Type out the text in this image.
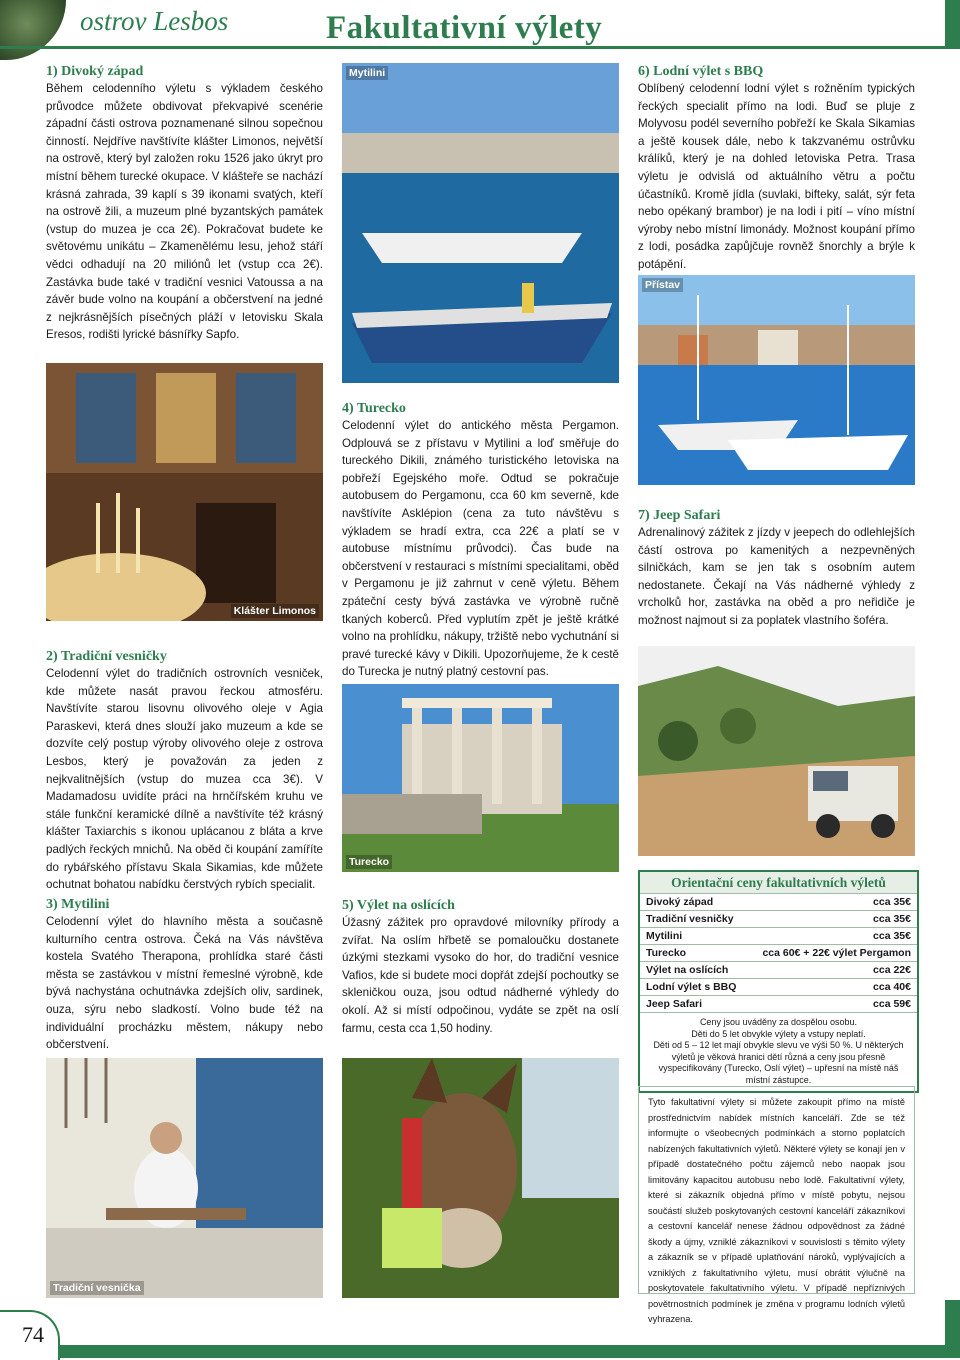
ostrov Lesbos	Fakultativní výlety
1) Divoký západ

Během celodenního výletu s výkladem českého průvodce můžete obdivovat překvapivé scenérie západní části ostrova poznamenané silnou sopečnou činností. Nejdříve navštívíte klášter Limonos, největší na ostrově, který byl založen roku 1526 jako úkryt pro místní během turecké okupace. V klášteře se nachází krásná zahrada, 39 kaplí s 39 ikonami svatých, kteří na ostrově žili, a muzeum plné byzantských památek (vstup do muzea je cca 2€). Pokračovat budete ke světovému unikátu – Zkamenělému lesu, jehož stáří vědci odhadují na 20 miliónů let (vstup cca 2€). Zastávka bude také v tradiční vesnici Vatoussa a na závěr bude volno na koupání a občerstvení na jedné z nejkrásnějších písečných pláží v letovisku Skala Eresos, rodišti lyrické básnířky Sapfo.

Klášter Limonos
2) Tradiční vesničky

Celodenní výlet do tradičních ostrovních vesniček, kde můžete nasát pravou řeckou atmosféru. Navštívíte starou lisovnu olivového oleje v Agia Paraskevi, která dnes slouží jako muzeum a kde se dozvíte celý postup výroby olivového oleje z ostrova Lesbos, který je považován za jeden z nejkvalitnějších (vstup do muzea cca 3€). V Madamadosu uvidíte práci na hrnčířském kruhu ve stále funkční keramické dílně a navštívíte též krásný klášter Taxiarchis s ikonou uplácanou z bláta a krve padlých řeckých mnichů. Na oběd či koupání zamíříte do rybářského přístavu Skala Sikamias, kde můžete ochutnat bohatou nabídku čerstvých rybích specialit.

3) Mytilini

Celodenní výlet do hlavního města a současně kulturního centra ostrova. Čeká na Vás návštěva kostela Svatého Therapona, prohlídka staré části města se zastávkou v místní řemeslné výrobně, kde bývá nachystána ochutnávka zdejších oliv, sardinek, ouza, sýru nebo sladkostí. Volno bude též na individuální procházku městem, nákupy nebo občerstvení.

Tradiční vesnička
Mytilini
4) Turecko

Celodenní výlet do antického města Pergamon. Odplouvá se z přístavu v Mytilini a loď směřuje do tureckého Dikili, známého turistického letoviska na pobřeží Egejského moře. Odtud se pokračuje autobusem do Pergamonu, cca 60 km severně, kde navštívíte Asklépion (cena za tuto návštěvu s výkladem se hradí extra, cca 22€ a platí se v autobuse místnímu průvodci). Čas bude na občerstvení v restauraci s místními specialitami, oběd v Pergamonu je již zahrnut v ceně výletu. Během zpáteční cesty bývá zastávka ve výrobně ručně tkaných koberců. Před vyplutím zpět je ještě krátké volno na prohlídku, nákupy, tržiště nebo vychutnání si pravé turecké kávy v Dikili. Upozorňujeme, že k cestě do Turecka je nutný platný cestovní pas.

Turecko
5) Výlet na oslících

Úžasný zážitek pro opravdové milovníky přírody a zvířat. Na oslím hřbetě se pomaloučku dostanete úzkými stezkami vysoko do hor, do tradiční vesnice Vafios, kde si budete moci dopřát zdejší pochoutky se skleničkou ouza, jsou odtud nádherné výhledy do okolí. Až si místí odpočinou, vydáte se zpět na oslí farmu, cesta cca 1,50 hodiny.

6) Lodní výlet s BBQ

Oblíbený celodenní lodní výlet s rožněním typických řeckých specialit přímo na lodi. Buď se pluje z Molyvosu podél severního pobřeží ke Skala Sikamias a ještě kousek dále, nebo k takzvanému ostrůvku králíků, který je na dohled letoviska Petra. Trasa výletu je odvislá od aktuálního větru a počtu účastníků. Kromě jídla (suvlaki, bifteky, salát, sýr feta nebo opékaný brambor) je na lodi i pití – víno místní výroby nebo místní limonády. Možnost koupání přímo z lodi, posádka zapůjčuje rovněž šnorchly a brýle k potápění.

Přístav
7) Jeep Safari

Adrenalinový zážitek z jízdy v jeepech do odlehlejších částí ostrova po kamenitých a nezpevněných silničkách, kam se jen tak s osobním autem nedostanete. Čekají na Vás nádherné výhledy z vrcholků hor, zastávka na oběd a pro neřidiče je možnost najmout si za poplatek vlastního šoféra.

Orientační ceny fakultativních výletů
Divoký západ	cca 35€
Tradiční vesničky	cca 35€
Mytilini	cca 35€
Turecko	cca 60€ + 22€ výlet Pergamon
Výlet na oslících	cca 22€
Lodní výlet s BBQ	cca 40€
Jeep Safari	cca 59€
Ceny jsou uváděny za dospělou osobu.
Děti do 5 let obvykle výlety a vstupy neplatí.
Děti od 5 – 12 let mají obvykle slevu ve výši 50 %. U některých výletů je věková hranici dětí různá a ceny jsou přesně vyspecifikovány (Turecko, Oslí výlet) – upřesní na místě náš místní zástupce.
Tyto fakultativní výlety si můžete zakoupit přímo na místě prostřednictvím nabídek místních kanceláří. Zde se též informujte o všeobecných podmínkách a storno poplatcích nabízených fakultativních výletů. Některé výlety se konají jen v případě dostatečného počtu zájemců nebo naopak jsou limitovány kapacitou autobusu nebo lodě. Fakultativní výlety, které si zákazník objedná přímo v místě pobytu, nejsou součástí služeb poskytovaných cestovní kanceláří zákazníkovi a cestovní kancelář nenese žádnou odpovědnost za žádné škody a újmy, vzniklé zákazníkovi v souvislosti s těmito výlety a zákazník se v případě uplatňování nároků, vyplývajících a vzniklých z fakultativního výletu, musí obrátit výlučně na poskytovatele fakultativního výletu. V případě nepříznivých povětrnostních podmínek je změna v programu lodních výletů vyhrazena.
74
